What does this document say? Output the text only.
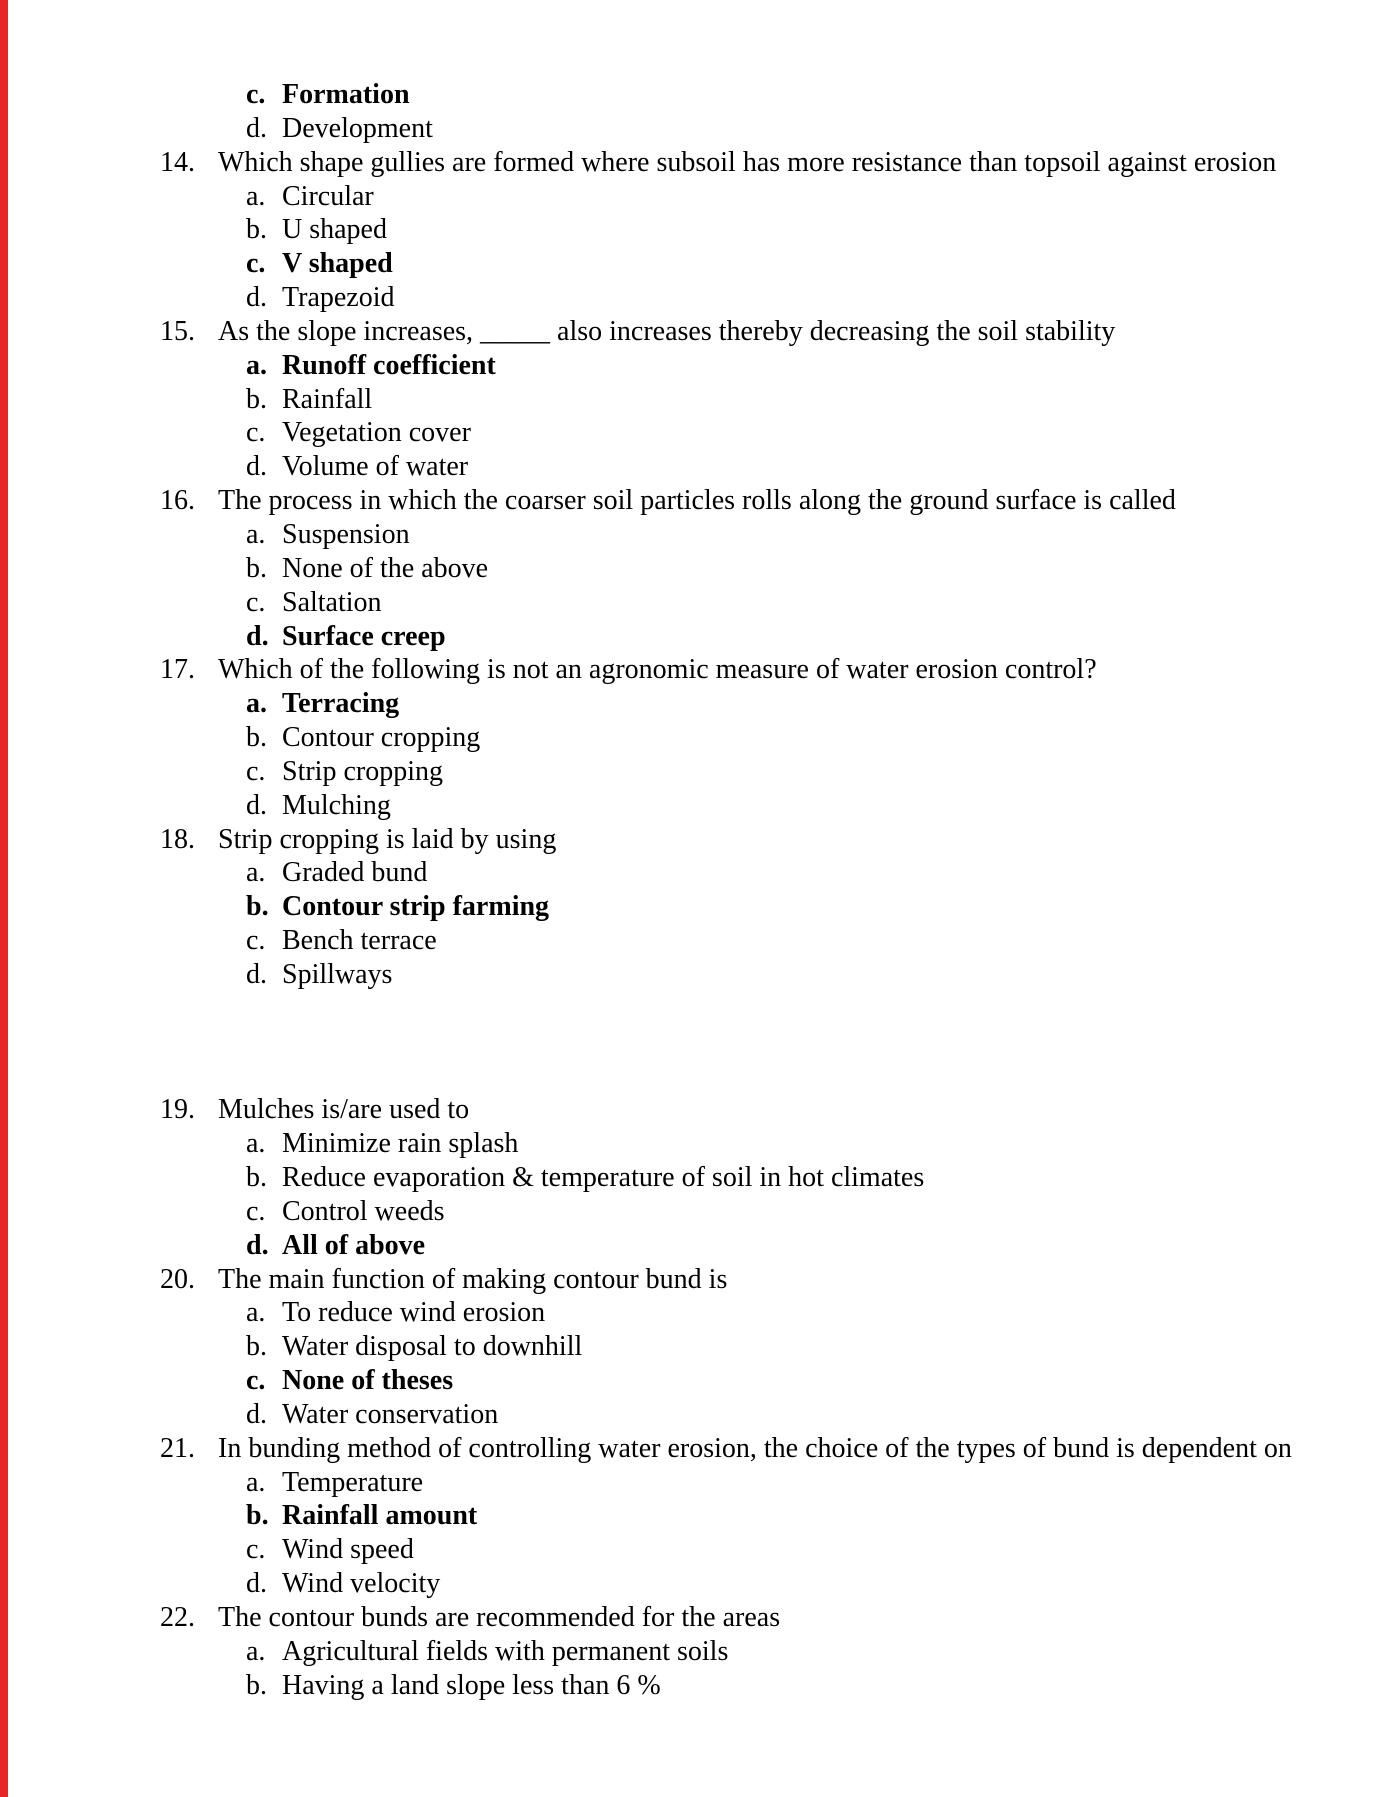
c. Formation
d. Development
14. Which shape gullies are formed where subsoil has more resistance than topsoil against erosion
a. Circular
b. U shaped
c. V shaped
d. Trapezoid
15. As the slope increases, _____ also increases thereby decreasing the soil stability
a. Runoff coefficient
b. Rainfall
c. Vegetation cover
d. Volume of water
16. The process in which the coarser soil particles rolls along the ground surface is called
a. Suspension
b. None of the above
c. Saltation
d. Surface creep
17. Which of the following is not an agronomic measure of water erosion control?
a. Terracing
b. Contour cropping
c. Strip cropping
d. Mulching
18. Strip cropping is laid by using
a. Graded bund
b. Contour strip farming
c. Bench terrace
d. Spillways
19. Mulches is/are used to
a. Minimize rain splash
b. Reduce evaporation & temperature of soil in hot climates
c. Control weeds
d. All of above
20. The main function of making contour bund is
a. To reduce wind erosion
b. Water disposal to downhill
c. None of theses
d. Water conservation
21. In bunding method of controlling water erosion, the choice of the types of bund is dependent on
a. Temperature
b. Rainfall amount
c. Wind speed
d. Wind velocity
22. The contour bunds are recommended for the areas
a. Agricultural fields with permanent soils
b. Having a land slope less than 6 %
